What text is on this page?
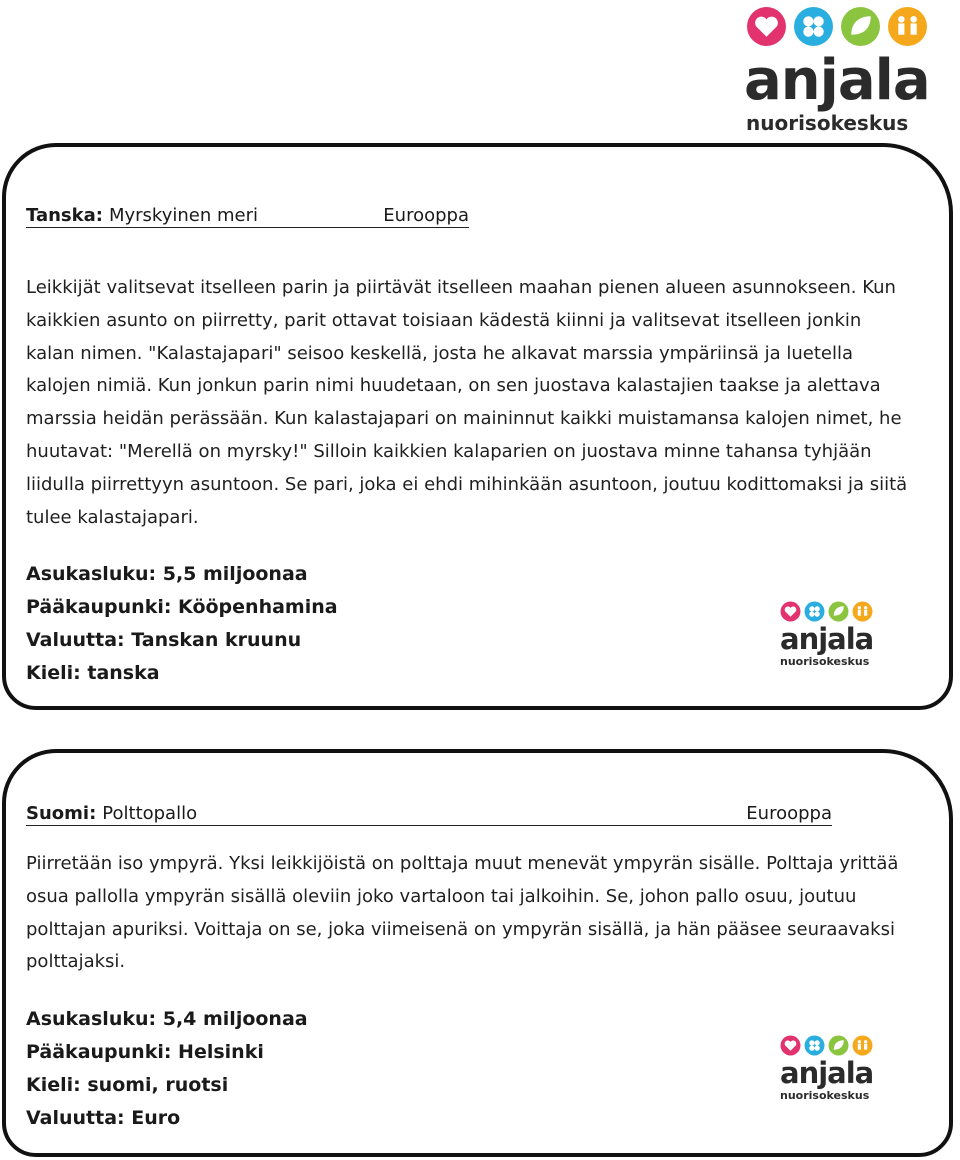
anjala
nuorisokeskus
Tanska: Myrskyinen meri	Eurooppa

Leikkijät valitsevat itselleen parin ja piirtävät itselleen maahan pienen alueen asunnokseen. Kun kaikkien asunto on piirretty, parit ottavat toisiaan kädestä kiinni ja valitsevat itselleen jonkin kalan nimen. "Kalastajapari" seisoo keskellä, josta he alkavat marssia ympäriinsä ja luetella kalojen nimiä. Kun jonkun parin nimi huudetaan, on sen juostava kalastajien taakse ja alettava marssia heidän perässään. Kun kalastajapari on maininnut kaikki muistamansa kalojen nimet, he huutavat: "Merellä on myrsky!" Silloin kaikkien kalaparien on juostava minne tahansa tyhjään liidulla piirrettyyn asuntoon. Se pari, joka ei ehdi mihinkään asuntoon, joutuu kodittomaksi ja siitä tulee kalastajapari.

Asukasluku: 5,5 miljoonaa

Pääkaupunki: Kööpenhamina

Valuutta: Tanskan kruunu

Kieli: tanska

anjala
nuorisokeskus
Suomi: Polttopallo	Eurooppa

Piirretään iso ympyrä. Yksi leikkijöistä on polttaja muut menevät ympyrän sisälle. Polttaja yrittää osua pallolla ympyrän sisällä oleviin joko vartaloon tai jalkoihin. Se, johon pallo osuu, joutuu polttajan apuriksi. Voittaja on se, joka viimeisenä on ympyrän sisällä, ja hän pääsee seuraavaksi polttajaksi.

Asukasluku: 5,4 miljoonaa

Pääkaupunki: Helsinki

Kieli: suomi, ruotsi

Valuutta: Euro

anjala
nuorisokeskus
